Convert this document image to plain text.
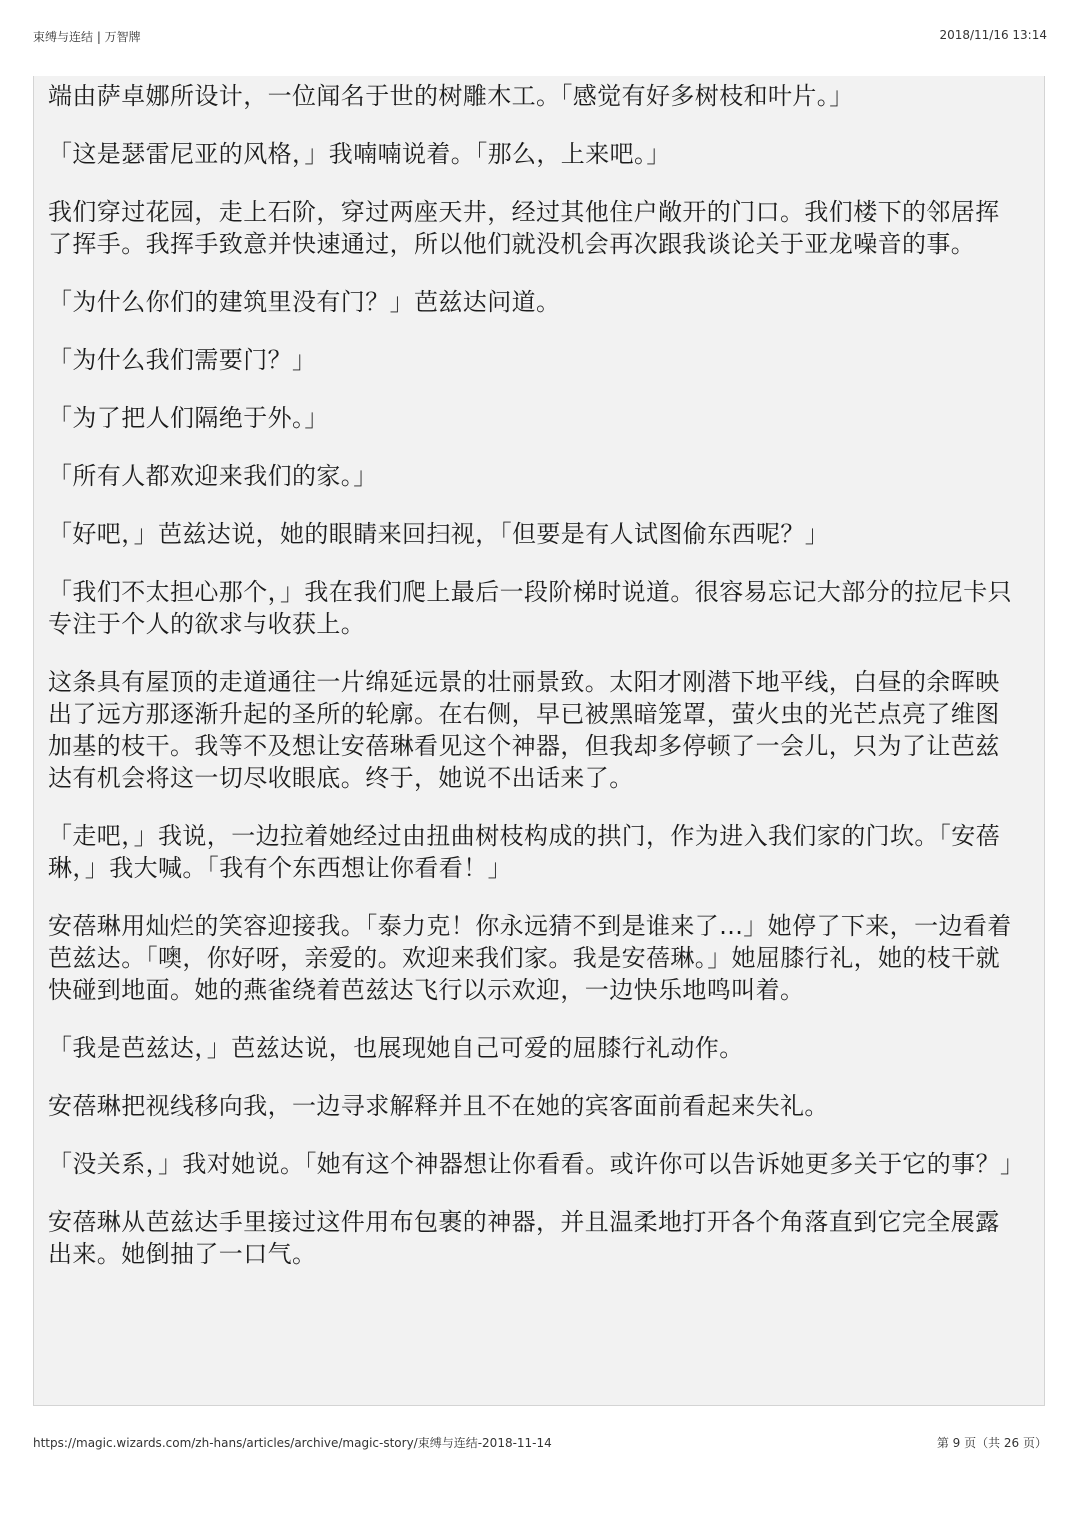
束缚与连结 | 万智牌	2018/11/16 13:14

端由萨卓娜所设计，一位闻名于世的树雕木工。「感觉有好多树枝和叶片。」

「这是瑟雷尼亚的风格，」我喃喃说着。「那么，上来吧。」

我们穿过花园，走上石阶，穿过两座天井，经过其他住户敞开的门口。我们楼下的邻居挥了挥手。我挥手致意并快速通过，所以他们就没机会再次跟我谈论关于亚龙噪音的事。

「为什么你们的建筑里没有门？」芭兹达问道。

「为什么我们需要门？」

「为了把人们隔绝于外。」

「所有人都欢迎来我们的家。」

「好吧，」芭兹达说，她的眼睛来回扫视，「但要是有人试图偷东西呢？」

「我们不太担心那个，」我在我们爬上最后一段阶梯时说道。很容易忘记大部分的拉尼卡只专注于个人的欲求与收获上。

这条具有屋顶的走道通往一片绵延远景的壮丽景致。太阳才刚潜下地平线，白昼的余晖映出了远方那逐渐升起的圣所的轮廓。在右侧，早已被黑暗笼罩，萤火虫的光芒点亮了维图加基的枝干。我等不及想让安蓓琳看见这个神器，但我却多停顿了一会儿，只为了让芭兹达有机会将这一切尽收眼底。终于，她说不出话来了。

「走吧，」我说，一边拉着她经过由扭曲树枝构成的拱门，作为进入我们家的门坎。「安蓓琳，」我大喊。「我有个东西想让你看看！」

安蓓琳用灿烂的笑容迎接我。「泰力克！你永远猜不到是谁来了...」她停了下来，一边看着芭兹达。「噢，你好呀，亲爱的。欢迎来我们家。我是安蓓琳。」她屈膝行礼，她的枝干就快碰到地面。她的燕雀绕着芭兹达飞行以示欢迎，一边快乐地鸣叫着。

「我是芭兹达，」芭兹达说，也展现她自己可爱的屈膝行礼动作。

安蓓琳把视线移向我，一边寻求解释并且不在她的宾客面前看起来失礼。

「没关系，」我对她说。「她有这个神器想让你看看。或许你可以告诉她更多关于它的事？」

安蓓琳从芭兹达手里接过这件用布包裹的神器，并且温柔地打开各个角落直到它完全展露出来。她倒抽了一口气。

https://magic.wizards.com/zh-hans/articles/archive/magic-story/束缚与连结-2018-11-14	第 9 页（共 26 页）
